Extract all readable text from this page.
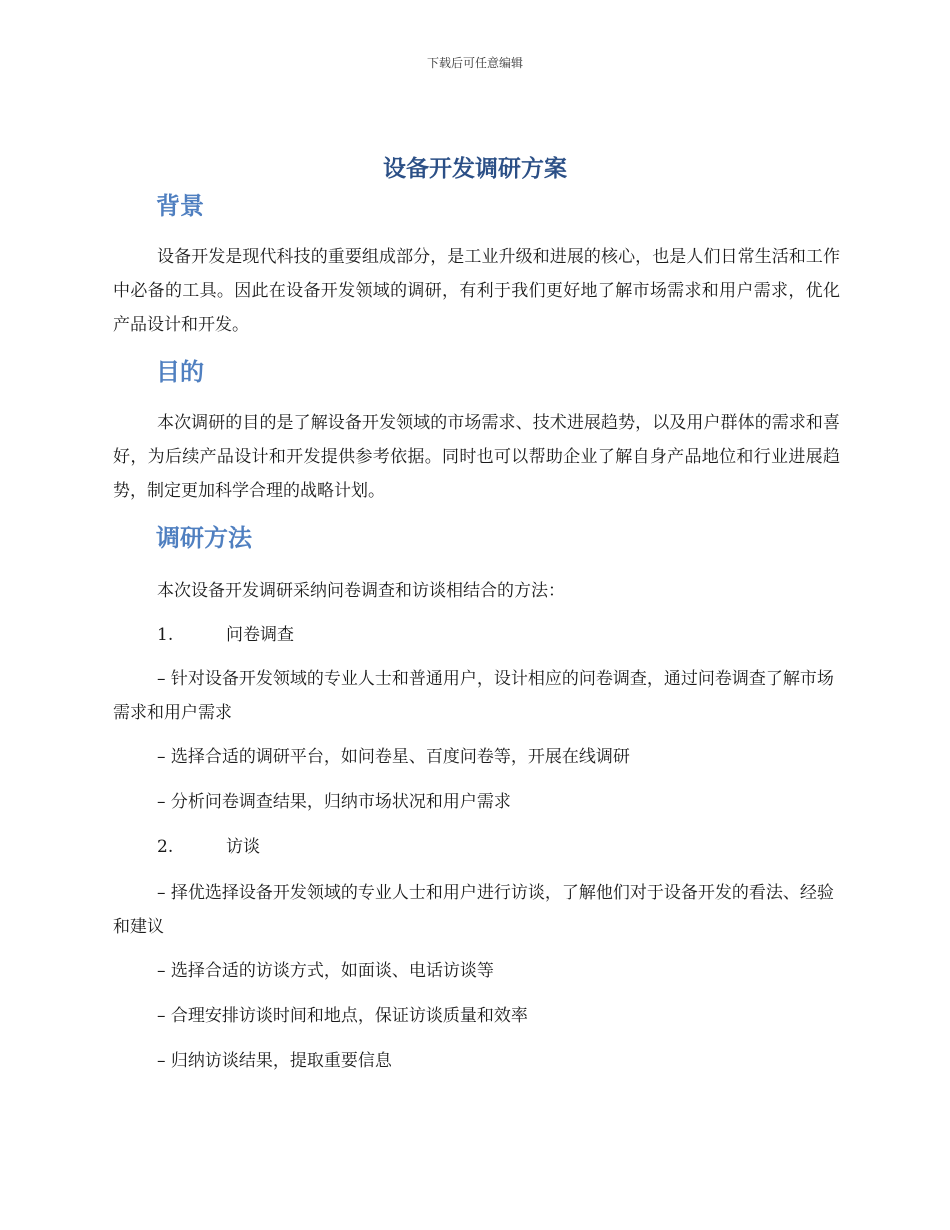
下载后可任意编辑
设备开发调研方案
背景

设备开发是现代科技的重要组成部分，是工业升级和进展的核心，也是人们日常生活和工作中必备的工具。因此在设备开发领域的调研，有利于我们更好地了解市场需求和用户需求，优化产品设计和开发。

目的

本次调研的目的是了解设备开发领域的市场需求、技术进展趋势，以及用户群体的需求和喜好，为后续产品设计和开发提供参考依据。同时也可以帮助企业了解自身产品地位和行业进展趋势，制定更加科学合理的战略计划。

调研方法

本次设备开发调研采纳问卷调查和访谈相结合的方法：

1.	问卷调查

– 针对设备开发领域的专业人士和普通用户，设计相应的问卷调查，通过问卷调查了解市场需求和用户需求

– 选择合适的调研平台，如问卷星、百度问卷等，开展在线调研

– 分析问卷调查结果，归纳市场状况和用户需求

2.	访谈

– 择优选择设备开发领域的专业人士和用户进行访谈，了解他们对于设备开发的看法、经验和建议

– 选择合适的访谈方式，如面谈、电话访谈等

– 合理安排访谈时间和地点，保证访谈质量和效率

– 归纳访谈结果，提取重要信息
